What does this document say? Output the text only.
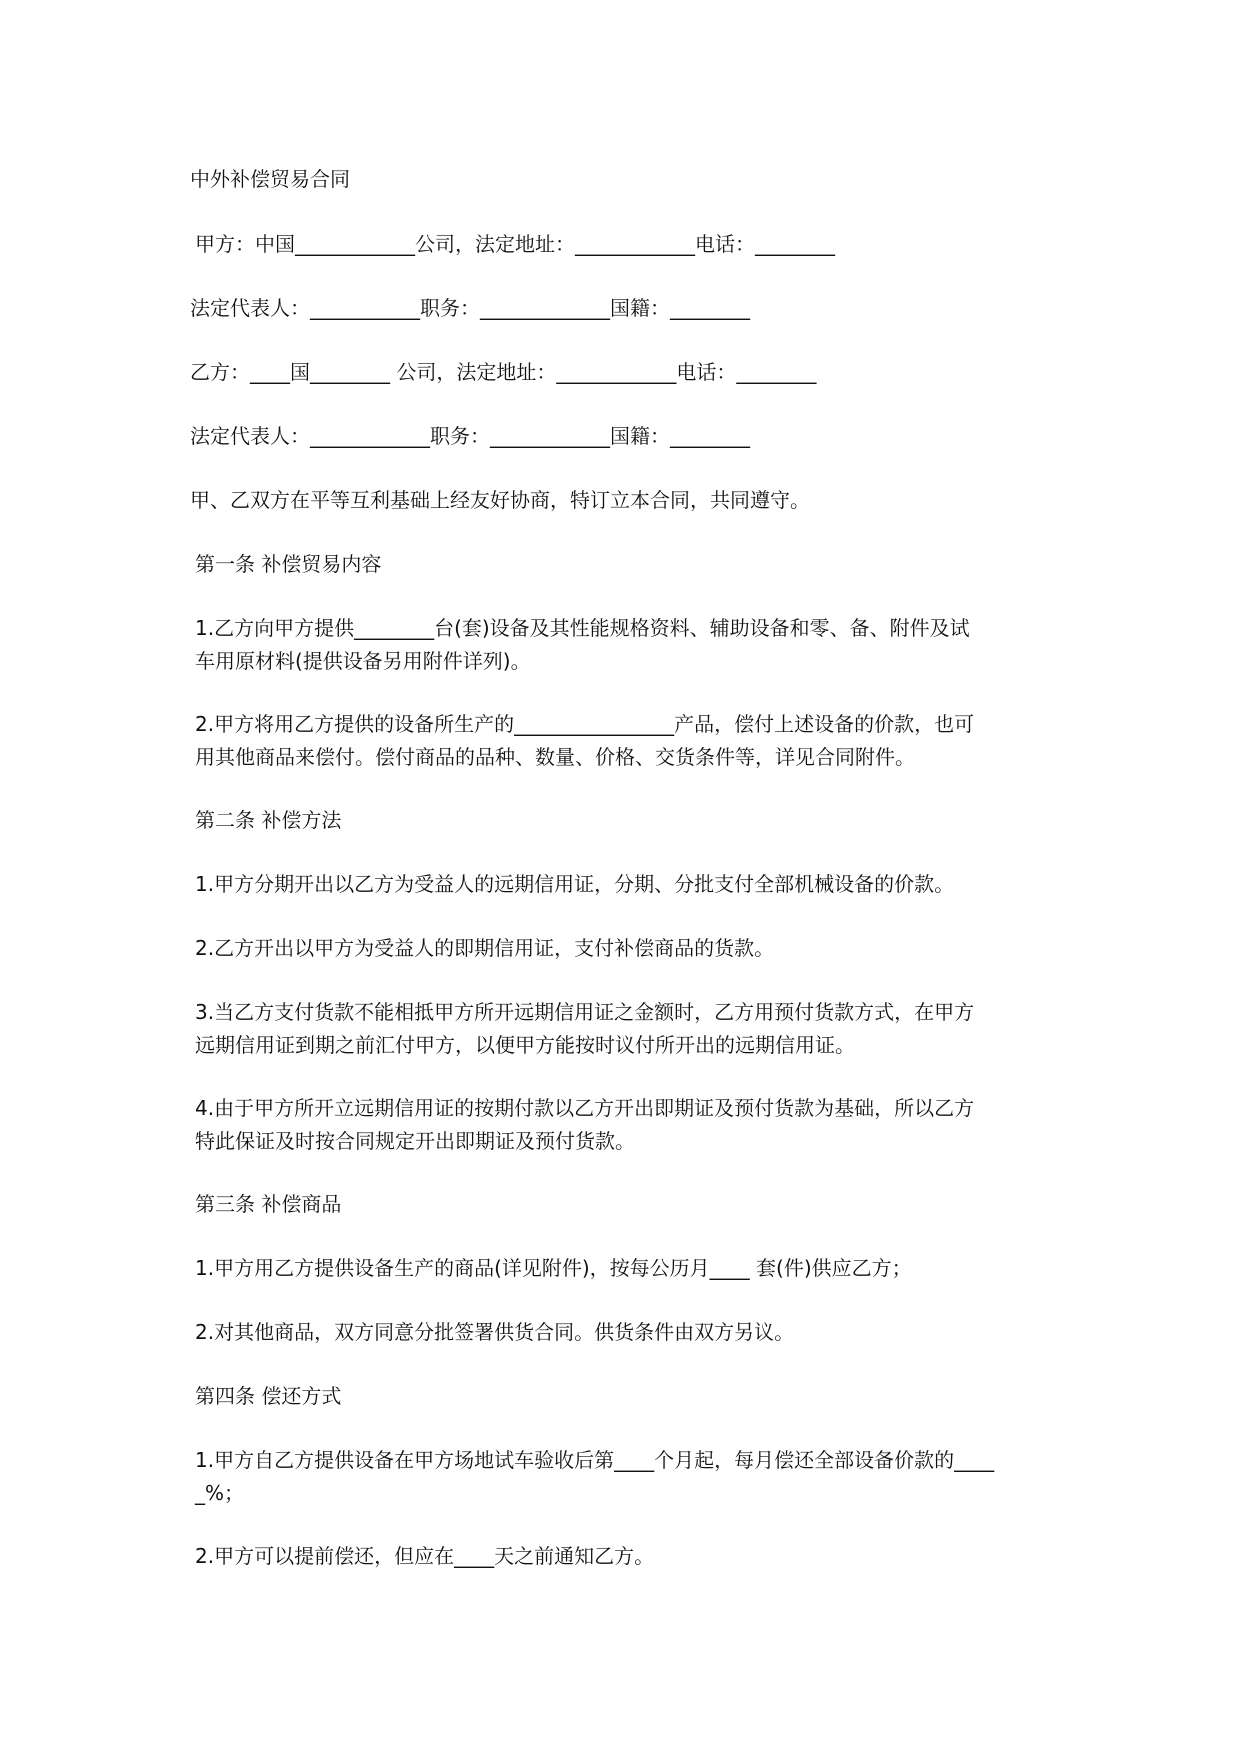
中外补偿贸易合同

甲方：中国____________公司，法定地址：____________电话：________

法定代表人：___________职务：_____________国籍：________

乙方：____国________ 公司，法定地址：____________电话：________

法定代表人：____________职务：____________国籍：________

甲、乙双方在平等互利基础上经友好协商，特订立本合同，共同遵守。

第一条 补偿贸易内容

1.乙方向甲方提供________台(套)设备及其性能规格资料、辅助设备和零、备、附件及试
车用原材料(提供设备另用附件详列)。

2.甲方将用乙方提供的设备所生产的________________产品，偿付上述设备的价款，也可
用其他商品来偿付。偿付商品的品种、数量、价格、交货条件等，详见合同附件。

第二条 补偿方法

1.甲方分期开出以乙方为受益人的远期信用证，分期、分批支付全部机械设备的价款。

2.乙方开出以甲方为受益人的即期信用证，支付补偿商品的货款。

3.当乙方支付货款不能相抵甲方所开远期信用证之金额时，乙方用预付货款方式，在甲方
远期信用证到期之前汇付甲方，以便甲方能按时议付所开出的远期信用证。

4.由于甲方所开立远期信用证的按期付款以乙方开出即期证及预付货款为基础，所以乙方
特此保证及时按合同规定开出即期证及预付货款。

第三条 补偿商品

1.甲方用乙方提供设备生产的商品(详见附件)，按每公历月____ 套(件)供应乙方；

2.对其他商品，双方同意分批签署供货合同。供货条件由双方另议。

第四条 偿还方式

1.甲方自乙方提供设备在甲方场地试车验收后第____个月起，每月偿还全部设备价款的____
_%；

2.甲方可以提前偿还，但应在____天之前通知乙方。
